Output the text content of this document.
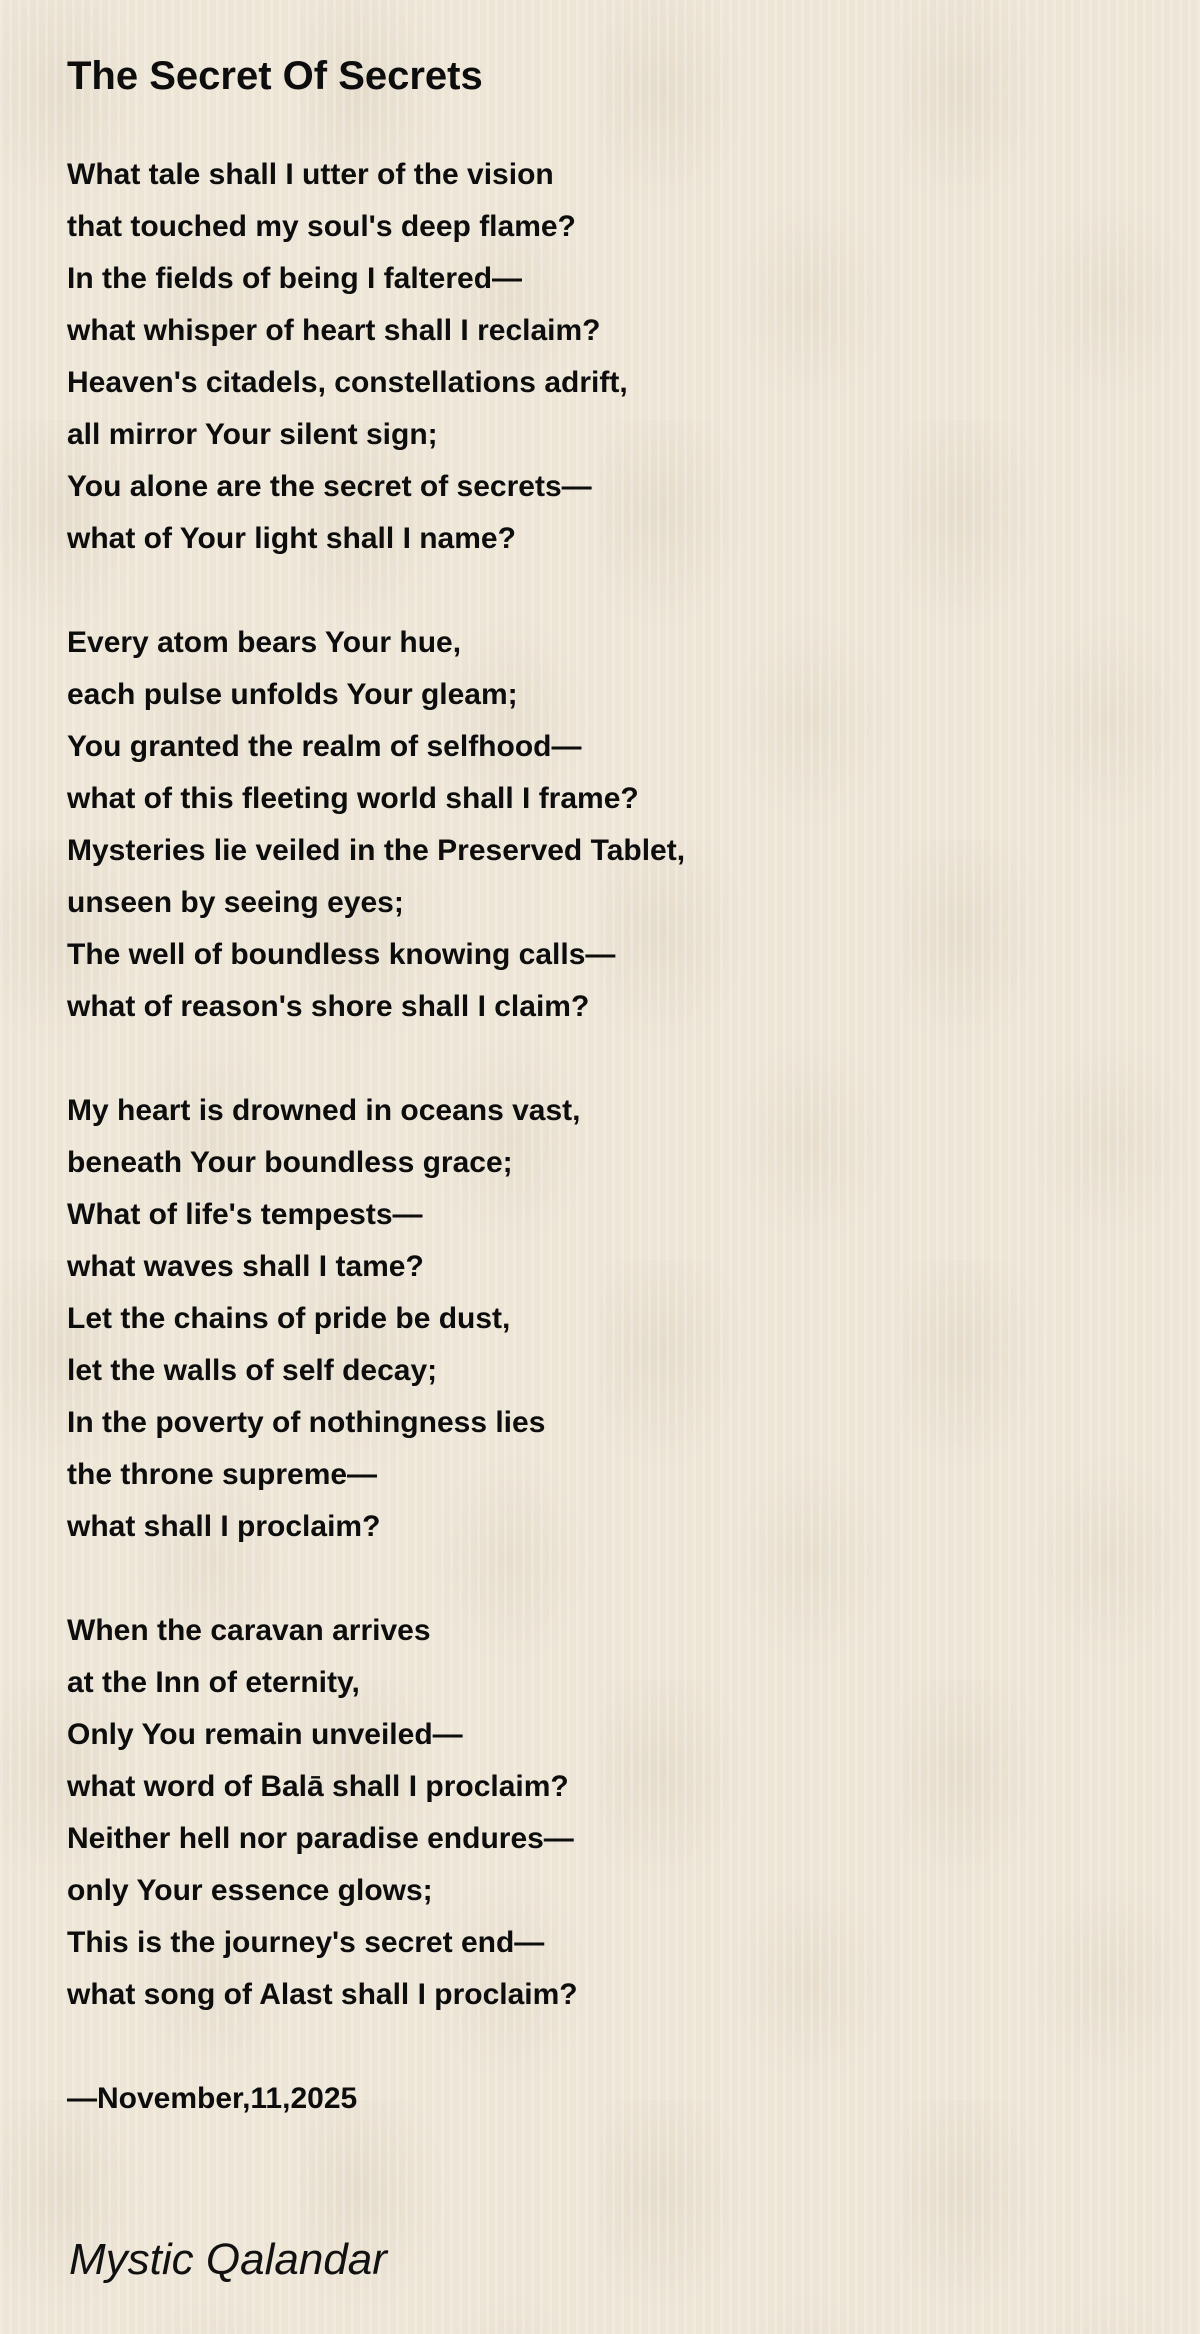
The Secret Of Secrets
What tale shall I utter of the vision
that touched my soul's deep flame?
In the fields of being I faltered—
what whisper of heart shall I reclaim?
Heaven's citadels, constellations adrift,
all mirror Your silent sign;
You alone are the secret of secrets—
what of Your light shall I name?
Every atom bears Your hue,
each pulse unfolds Your gleam;
You granted the realm of selfhood—
what of this fleeting world shall I frame?
Mysteries lie veiled in the Preserved Tablet,
unseen by seeing eyes;
The well of boundless knowing calls—
what of reason's shore shall I claim?
My heart is drowned in oceans vast,
beneath Your boundless grace;
What of life's tempests—
what waves shall I tame?
Let the chains of pride be dust,
let the walls of self decay;
In the poverty of nothingness lies
the throne supreme—
what shall I proclaim?
When the caravan arrives
at the Inn of eternity,
Only You remain unveiled—
what word of Balā shall I proclaim?
Neither hell nor paradise endures—
only Your essence glows;
This is the journey's secret end—
what song of Alast shall I proclaim?
—November,11,2025
Mystic Qalandar
